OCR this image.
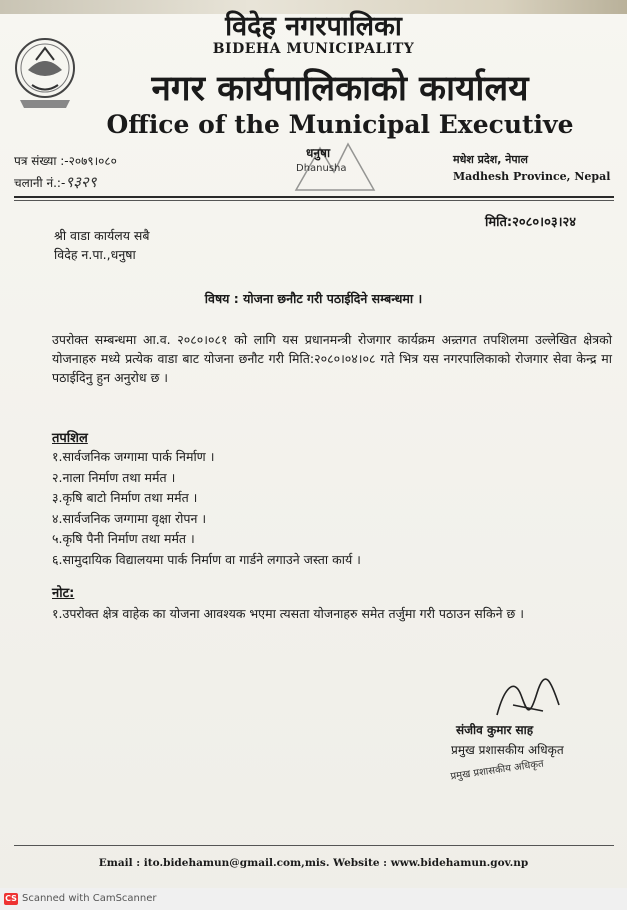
विदेह नगरपालिका
BIDEHA MUNICIPALITY
नगर कार्यपालिकाको कार्यालय
Office of the Municipal Executive
पत्र संख्या :-२०७९।०८०
चलानी नं.:-९३२९
धनुषा
Dhanusha
मधेश प्रदेश, नेपाल
Madhesh Province, Nepal
मिति:२०८०।०३।२४
श्री वाडा कार्यलय सबै
विदेह न.पा.,धनुषा
विषय : योजना छनौट गरी पठाईदिने सम्बन्धमा ।
उपरोक्त सम्बन्धमा आ.व. २०८०।०८१ को लागि यस प्रधानमन्त्री रोजगार कार्यक्रम अन्र्तगत तपशिलमा उल्लेखित क्षेत्रको योजनाहरु मध्ये प्रत्येक वाडा बाट योजना छनौट गरी मिति:२०८०।०४।०८ गते भित्र यस नगरपालिकाको रोजगार सेवा केन्द्र मा पठाईदिनु हुन अनुरोध छ ।
तपशिल
१.सार्वजनिक जग्गामा पार्क निर्माण ।
२.नाला निर्माण तथा मर्मत ।
३.कृषि बाटो निर्माण तथा मर्मत ।
४.सार्वजनिक जग्गामा वृक्षा रोपन ।
५.कृषि पैनी निर्माण तथा मर्मत ।
६.सामुदायिक विद्यालयमा पार्क निर्माण वा गार्डने लगाउने जस्ता कार्य ।
नोट:
१.उपरोक्त क्षेत्र वाहेक का योजना आवश्यक भएमा त्यसता योजनाहरु समेत तर्जुमा गरी पठाउन सकिने छ ।
संजीव कुमार साह
प्रमुख प्रशासकीय अधिकृत
प्रमुख प्रशासकीय अधिकृत
Email : ito.bidehamun@gmail.com,mis. Website : www.bidehamun.gov.np
CS Scanned with CamScanner
